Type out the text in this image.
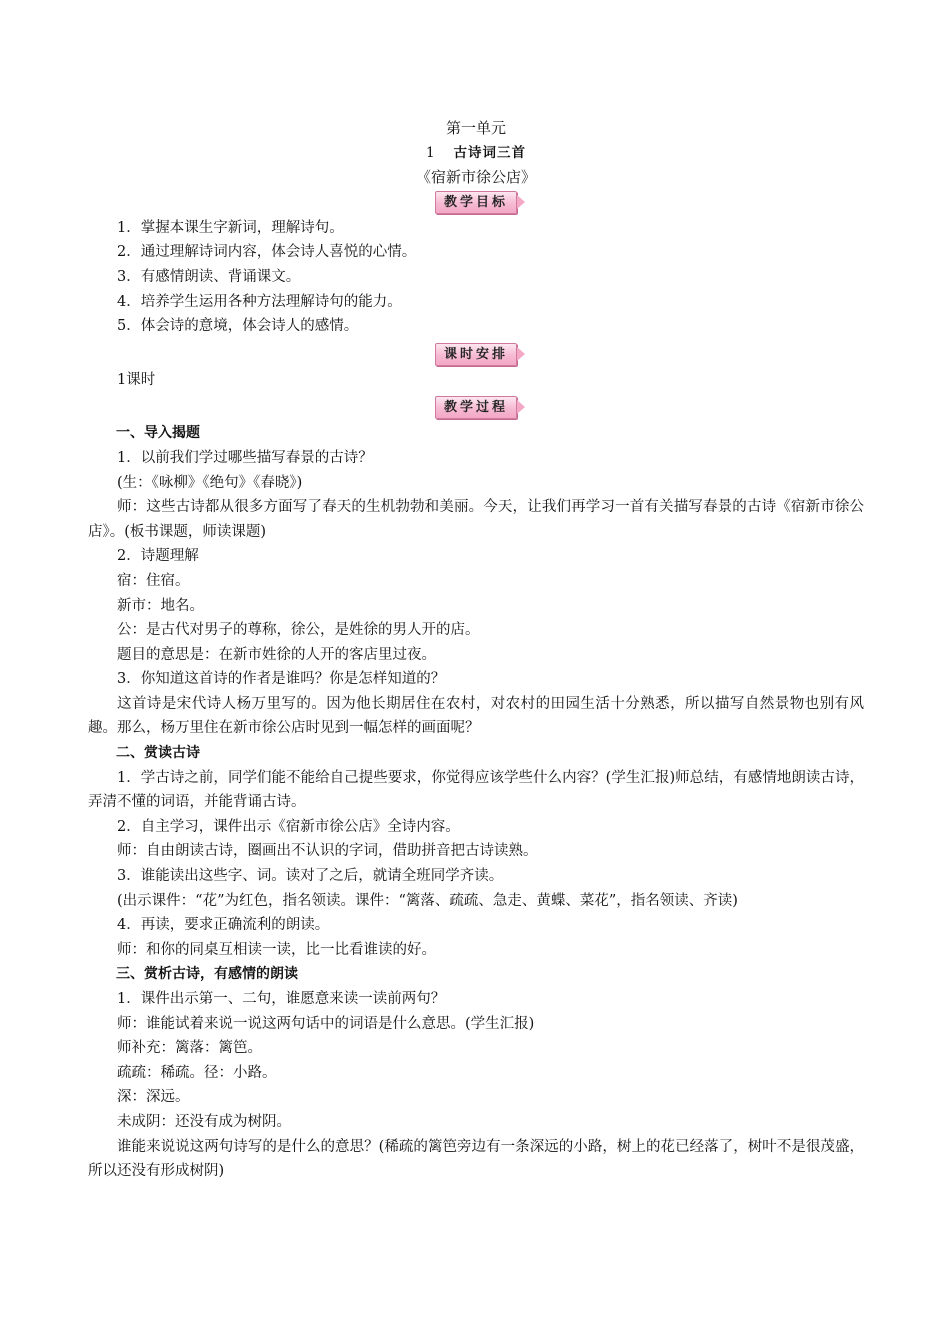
第一单元
1 古诗词三首
《宿新市徐公店》
教学目标

1．掌握本课生字新词，理解诗句。

2．通过理解诗词内容，体会诗人喜悦的心情。

3．有感情朗读、背诵课文。

4．培养学生运用各种方法理解诗句的能力。

5．体会诗的意境，体会诗人的感情。

课时安排

1课时

教学过程

一、导入揭题

1．以前我们学过哪些描写春景的古诗？

(生：《咏柳》《绝句》《春晓》)

师：这些古诗都从很多方面写了春天的生机勃勃和美丽。今天，让我们再学习一首有关描写春景的古诗《宿新市徐公店》。(板书课题，师读课题)

2．诗题理解

宿：住宿。

新市：地名。

公：是古代对男子的尊称，徐公，是姓徐的男人开的店。

题目的意思是：在新市姓徐的人开的客店里过夜。

3．你知道这首诗的作者是谁吗？你是怎样知道的？

这首诗是宋代诗人杨万里写的。因为他长期居住在农村，对农村的田园生活十分熟悉，所以描写自然景物也别有风趣。那么，杨万里住在新市徐公店时见到一幅怎样的画面呢？

二、赏读古诗

1．学古诗之前，同学们能不能给自己提些要求，你觉得应该学些什么内容？(学生汇报)师总结，有感情地朗读古诗，弄清不懂的词语，并能背诵古诗。

2．自主学习，课件出示《宿新市徐公店》全诗内容。

师：自由朗读古诗，圈画出不认识的字词，借助拼音把古诗读熟。

3．谁能读出这些字、词。读对了之后，就请全班同学齐读。

(出示课件：“花”为红色，指名领读。课件：“篱落、疏疏、急走、黄蝶、菜花”，指名领读、齐读)

4．再读，要求正确流利的朗读。

师：和你的同桌互相读一读，比一比看谁读的好。

三、赏析古诗，有感情的朗读

1．课件出示第一、二句，谁愿意来读一读前两句？

师：谁能试着来说一说这两句话中的词语是什么意思。(学生汇报)

师补充：篱落：篱笆。

疏疏：稀疏。径：小路。

深：深远。

未成阴：还没有成为树阴。

谁能来说说这两句诗写的是什么的意思？(稀疏的篱笆旁边有一条深远的小路，树上的花已经落了，树叶不是很茂盛，所以还没有形成树阴)
